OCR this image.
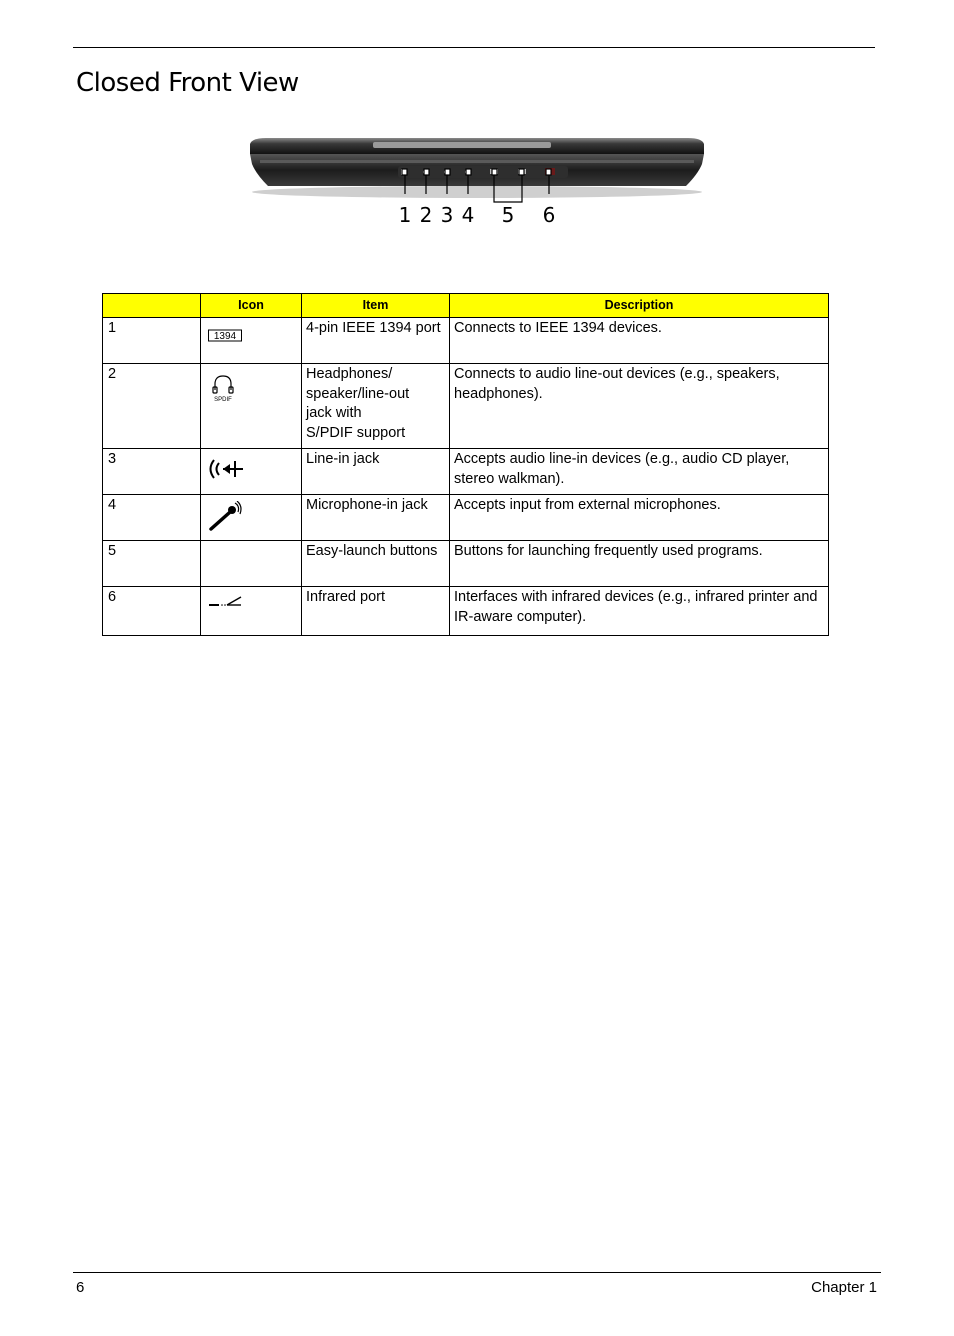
Closed Front View
1 2 3 4 5 6
	Icon	Item	Description
1	1394	4-pin IEEE 1394 port	Connects to IEEE 1394 devices.
2	SPDIF	Headphones/
speaker/line-out
jack with
S/PDIF support	Connects to audio line-out devices (e.g., speakers, headphones).
3		Line-in jack	Accepts audio line-in devices (e.g., audio CD player, stereo walkman).
4		Microphone-in jack	Accepts input from external microphones.
5		Easy-launch buttons	Buttons for launching frequently used programs.
6		Infrared port	Interfaces with infrared devices (e.g., infrared printer and IR-aware computer).
6	Chapter 1
